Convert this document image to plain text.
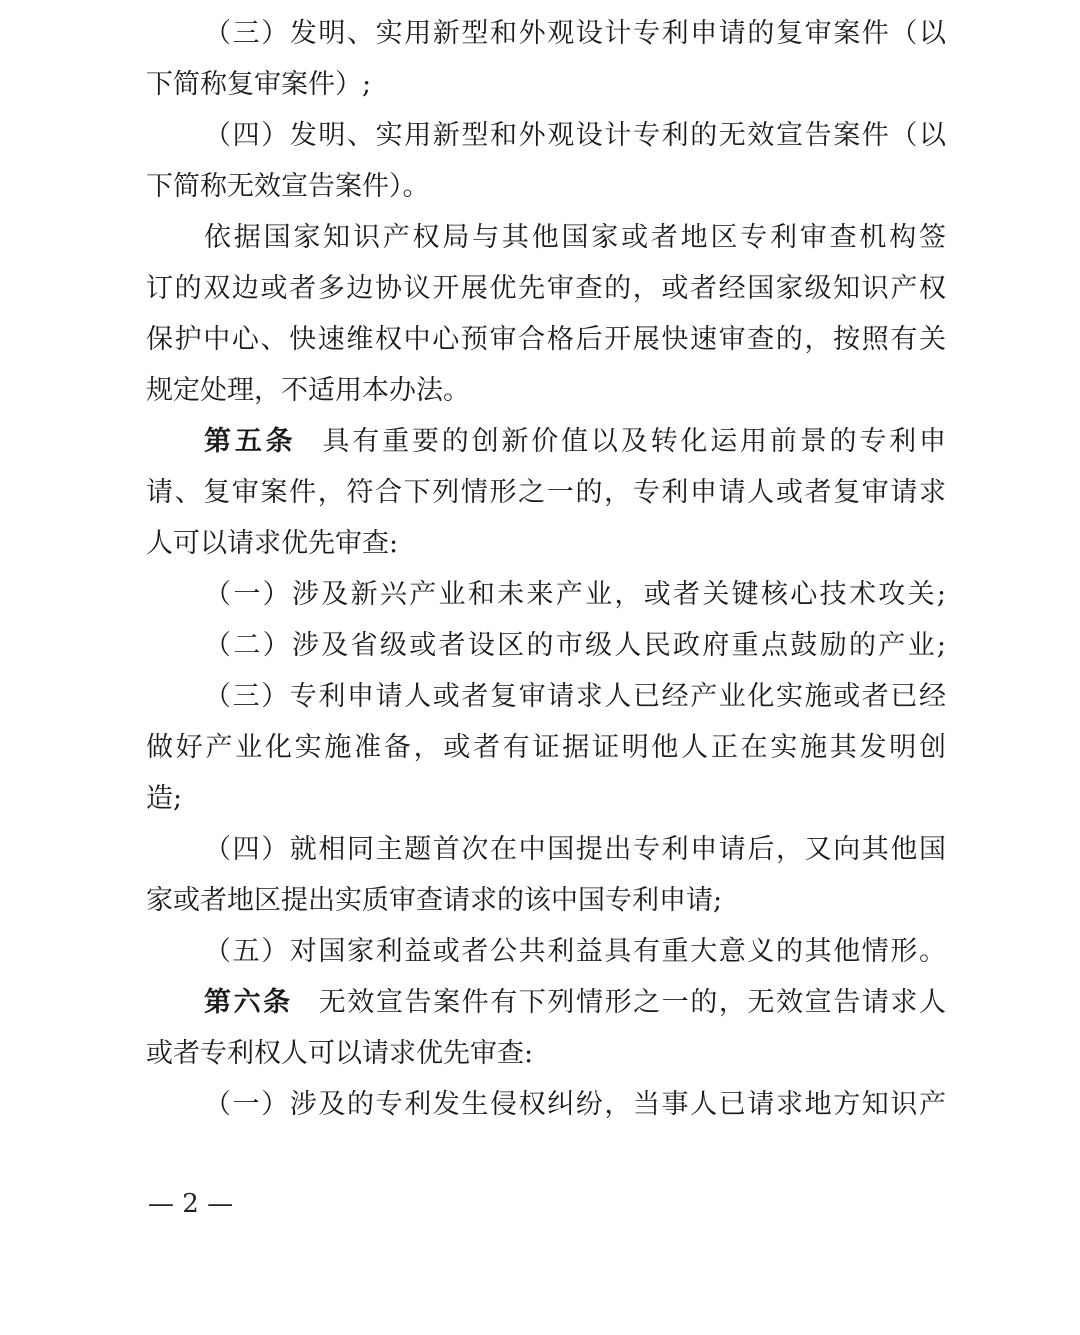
（三）发明、实用新型和外观设计专利申请的复审案件（以
下简称复审案件）;
（四）发明、实用新型和外观设计专利的无效宣告案件（以
下简称无效宣告案件）。
依据国家知识产权局与其他国家或者地区专利审查机构签
订的双边或者多边协议开展优先审查的，或者经国家级知识产权
保护中心、快速维权中心预审合格后开展快速审查的，按照有关
规定处理，不适用本办法。
第五条 具有重要的创新价值以及转化运用前景的专利申
请、复审案件，符合下列情形之一的，专利申请人或者复审请求
人可以请求优先审查:
（一）涉及新兴产业和未来产业，或者关键核心技术攻关;
（二）涉及省级或者设区的市级人民政府重点鼓励的产业;
（三）专利申请人或者复审请求人已经产业化实施或者已经
做好产业化实施准备，或者有证据证明他人正在实施其发明创
造;
（四）就相同主题首次在中国提出专利申请后，又向其他国
家或者地区提出实质审查请求的该中国专利申请;
（五）对国家利益或者公共利益具有重大意义的其他情形。
第六条 无效宣告案件有下列情形之一的，无效宣告请求人
或者专利权人可以请求优先审查:
（一）涉及的专利发生侵权纠纷，当事人已请求地方知识产
— 2 —
